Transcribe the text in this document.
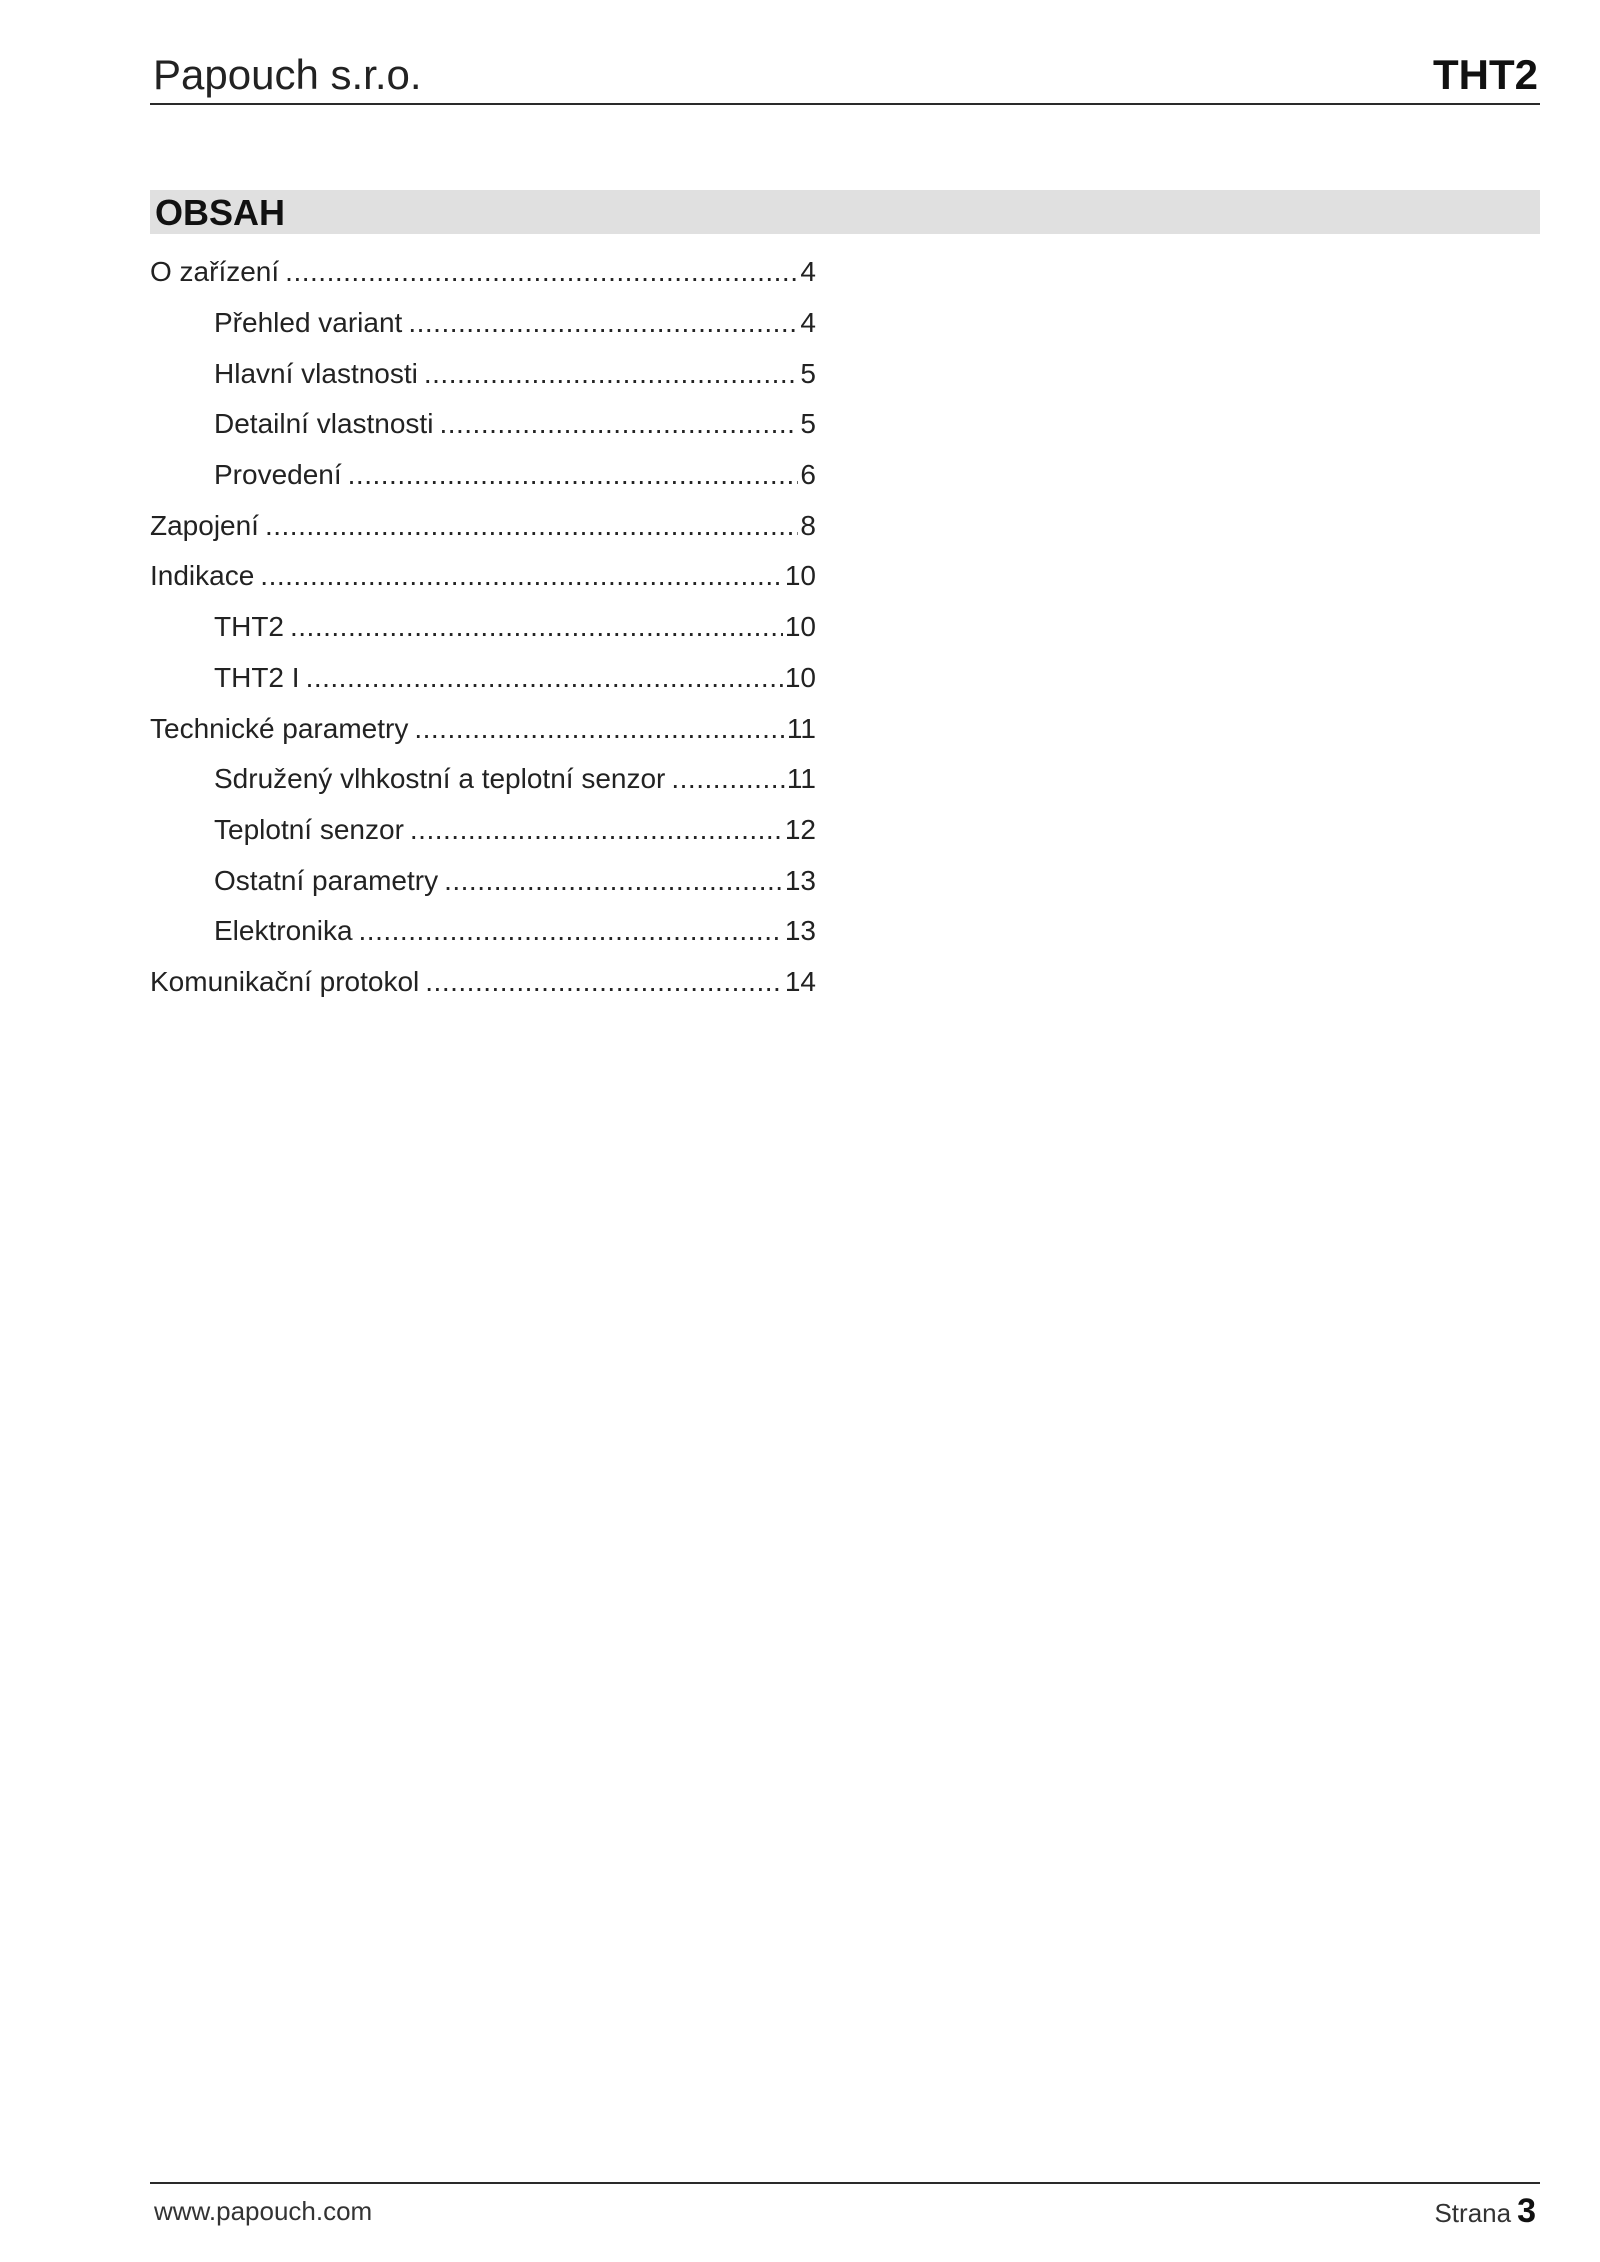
Papouch s.r.o.	THT2
OBSAH
O zařízení .....	4
Přehled variant .....	4
Hlavní vlastnosti .....	5
Detailní vlastnosti .....	5
Provedení .....	6
Zapojení .....	8
Indikace .....	10
THT2 .....	10
THT2 I .....	10
Technické parametry .....	11
Sdružený vlhkostní a teplotní senzor .....	11
Teplotní senzor .....	12
Ostatní parametry .....	13
Elektronika .....	13
Komunikační protokol .....	14
www.papouch.com	Strana 3
